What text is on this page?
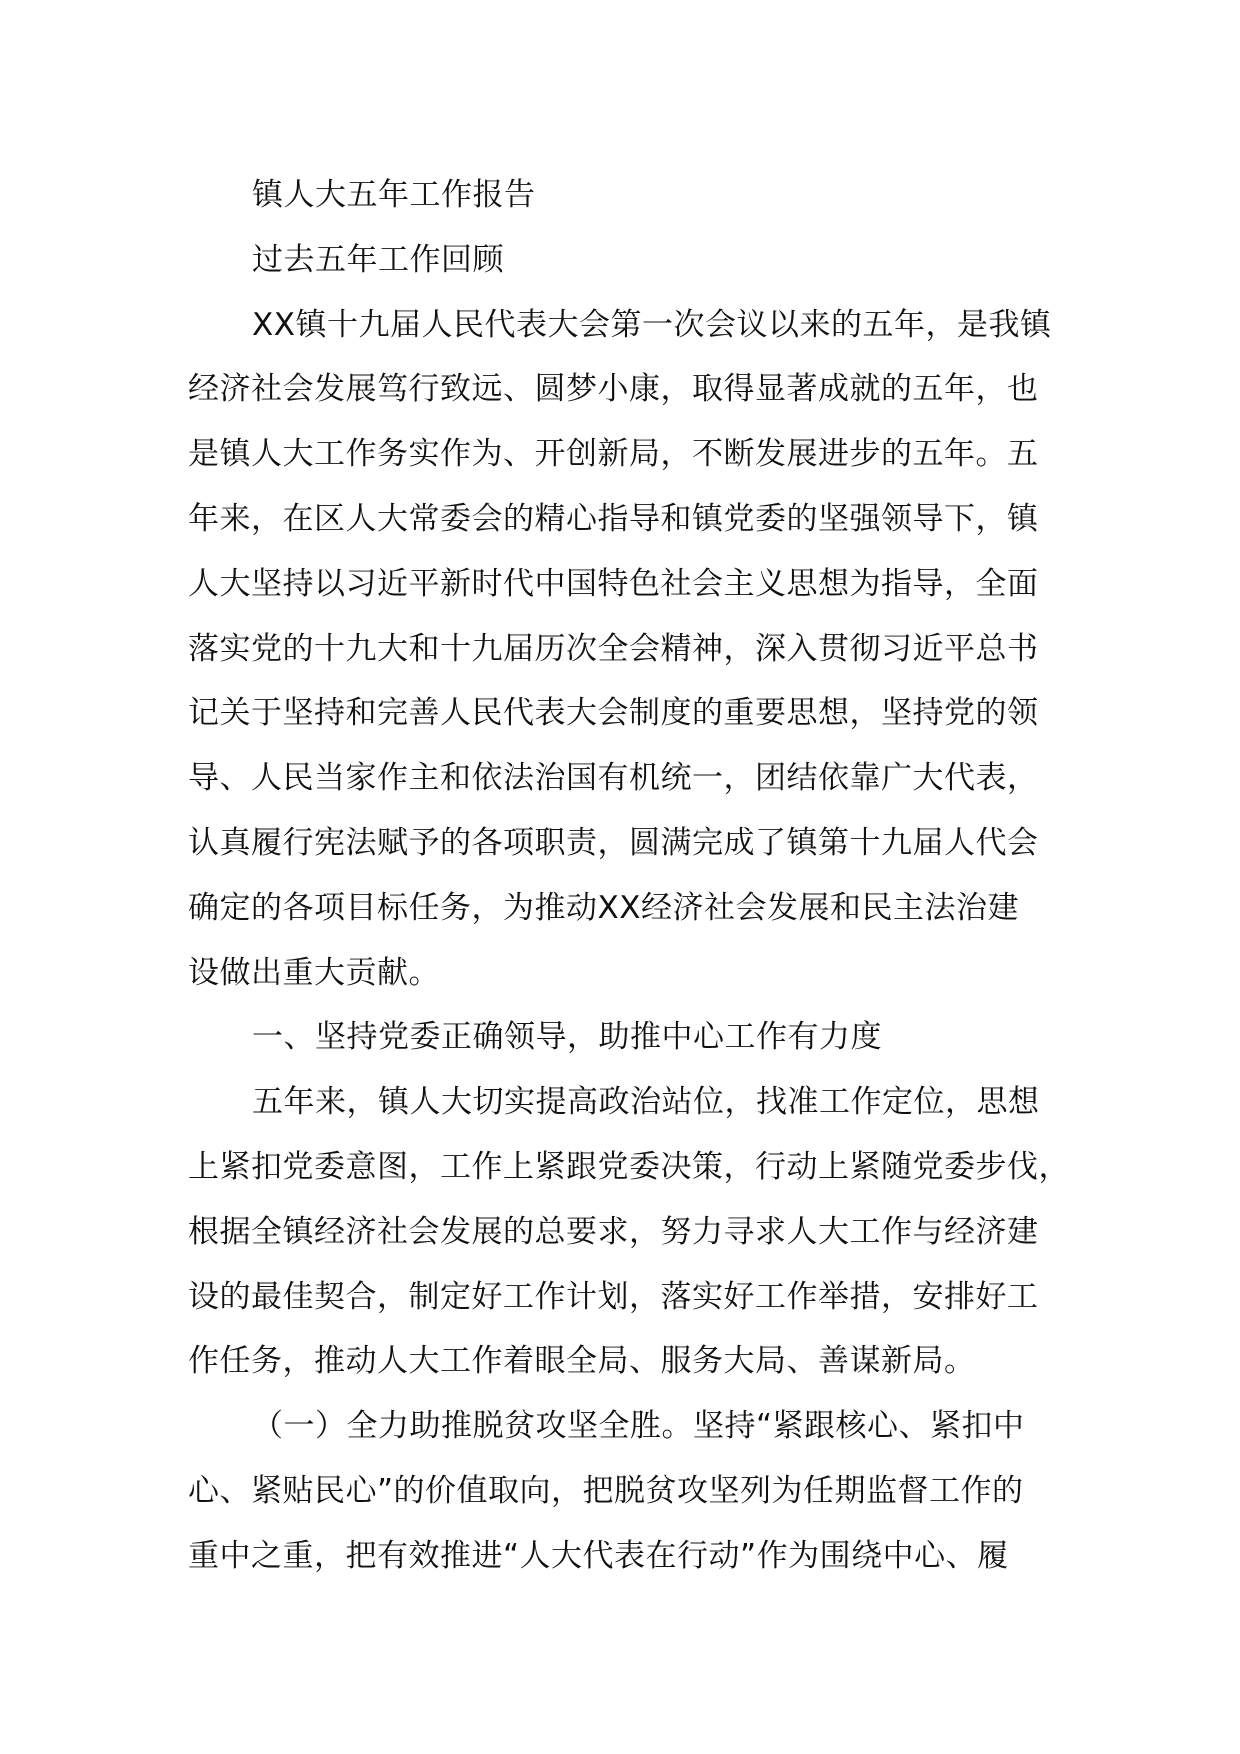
镇人大五年工作报告
过去五年工作回顾
XX镇十九届人民代表大会第一次会议以来的五年，是我镇
经济社会发展笃行致远、圆梦小康，取得显著成就的五年，也
是镇人大工作务实作为、开创新局，不断发展进步的五年。五
年来，在区人大常委会的精心指导和镇党委的坚强领导下，镇
人大坚持以习近平新时代中国特色社会主义思想为指导，全面
落实党的十九大和十九届历次全会精神，深入贯彻习近平总书
记关于坚持和完善人民代表大会制度的重要思想，坚持党的领
导、人民当家作主和依法治国有机统一，团结依靠广大代表，
认真履行宪法赋予的各项职责，圆满完成了镇第十九届人代会
确定的各项目标任务，为推动XX经济社会发展和民主法治建
设做出重大贡献。
一、坚持党委正确领导，助推中心工作有力度
五年来，镇人大切实提高政治站位，找准工作定位，思想
上紧扣党委意图，工作上紧跟党委决策，行动上紧随党委步伐，
根据全镇经济社会发展的总要求，努力寻求人大工作与经济建
设的最佳契合，制定好工作计划，落实好工作举措，安排好工
作任务，推动人大工作着眼全局、服务大局、善谋新局。
（一）全力助推脱贫攻坚全胜。坚持“紧跟核心、紧扣中
心、紧贴民心”的价值取向，把脱贫攻坚列为任期监督工作的
重中之重，把有效推进“人大代表在行动”作为围绕中心、履
